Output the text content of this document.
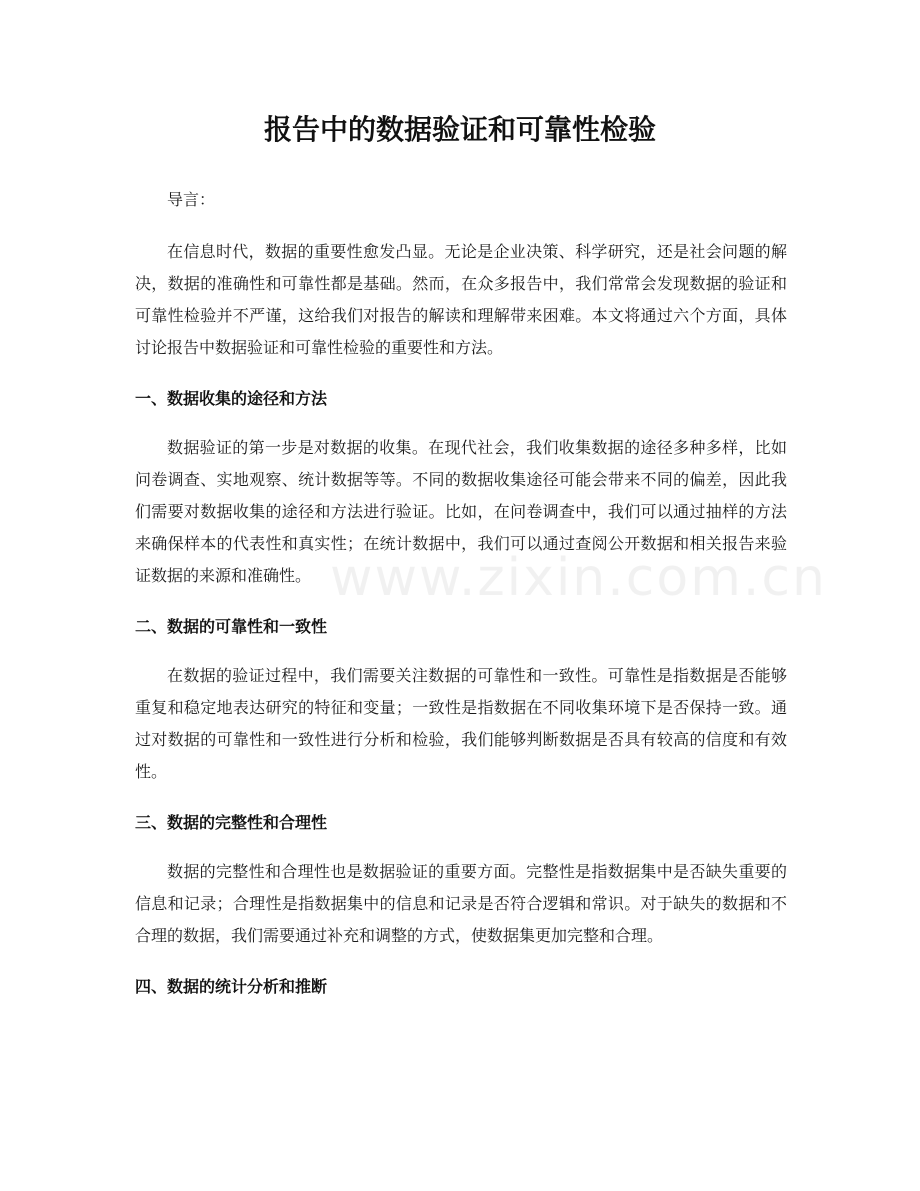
报告中的数据验证和可靠性检验

导言：

在信息时代，数据的重要性愈发凸显。无论是企业决策、科学研究，还是社会问题的解决，数据的准确性和可靠性都是基础。然而，在众多报告中，我们常常会发现数据的验证和可靠性检验并不严谨，这给我们对报告的解读和理解带来困难。本文将通过六个方面，具体讨论报告中数据验证和可靠性检验的重要性和方法。

一、数据收集的途径和方法

数据验证的第一步是对数据的收集。在现代社会，我们收集数据的途径多种多样，比如问卷调查、实地观察、统计数据等等。不同的数据收集途径可能会带来不同的偏差，因此我们需要对数据收集的途径和方法进行验证。比如，在问卷调查中，我们可以通过抽样的方法来确保样本的代表性和真实性；在统计数据中，我们可以通过查阅公开数据和相关报告来验证数据的来源和准确性。

二、数据的可靠性和一致性

在数据的验证过程中，我们需要关注数据的可靠性和一致性。可靠性是指数据是否能够重复和稳定地表达研究的特征和变量；一致性是指数据在不同收集环境下是否保持一致。通过对数据的可靠性和一致性进行分析和检验，我们能够判断数据是否具有较高的信度和有效性。

三、数据的完整性和合理性

数据的完整性和合理性也是数据验证的重要方面。完整性是指数据集中是否缺失重要的信息和记录；合理性是指数据集中的信息和记录是否符合逻辑和常识。对于缺失的数据和不合理的数据，我们需要通过补充和调整的方式，使数据集更加完整和合理。

四、数据的统计分析和推断
www.zixin.com.cn
